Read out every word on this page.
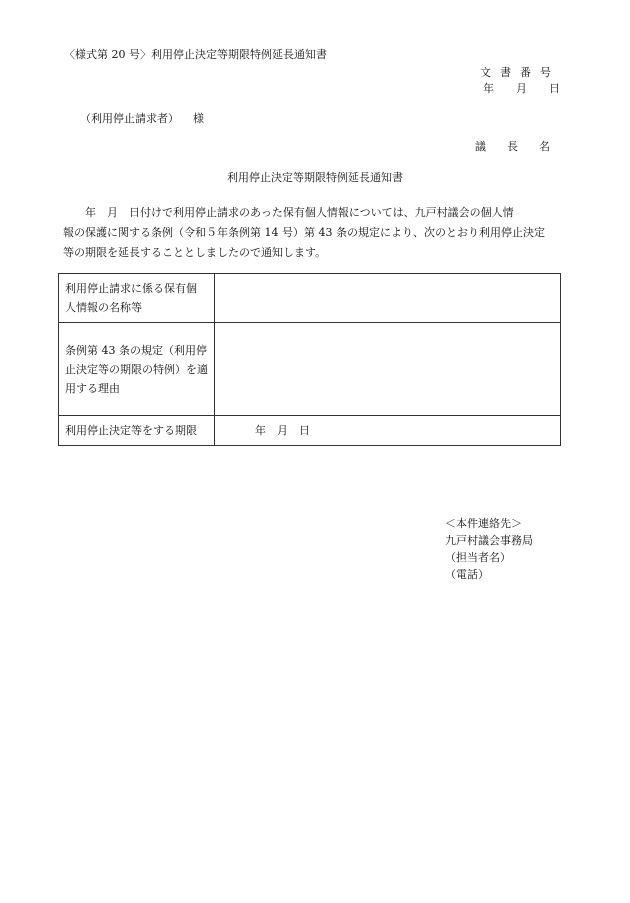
〈様式第 20 号〉利用停止決定等期限特例延長通知書
文書番号
年 月 日
（利用停止請求者） 様
議 長 名
利用停止決定等期限特例延長通知書

　　年　月　日付けで利用停止請求のあった保有個人情報については、九戸村議会の個人情

報の保護に関する条例（令和５年条例第 14 号）第 43 条の規定により、次のとおり利用停止決定

等の期限を延長することとしましたので通知します。

利用停止請求に係る保有個
人情報の名称等	

条例第 43 条の規定（利用停
止決定等の期限の特例）を適
用する理由	

利用停止決定等をする期限	年　月　日
＜本件連絡先＞
九戸村議会事務局
（担当者名）
（電話）
